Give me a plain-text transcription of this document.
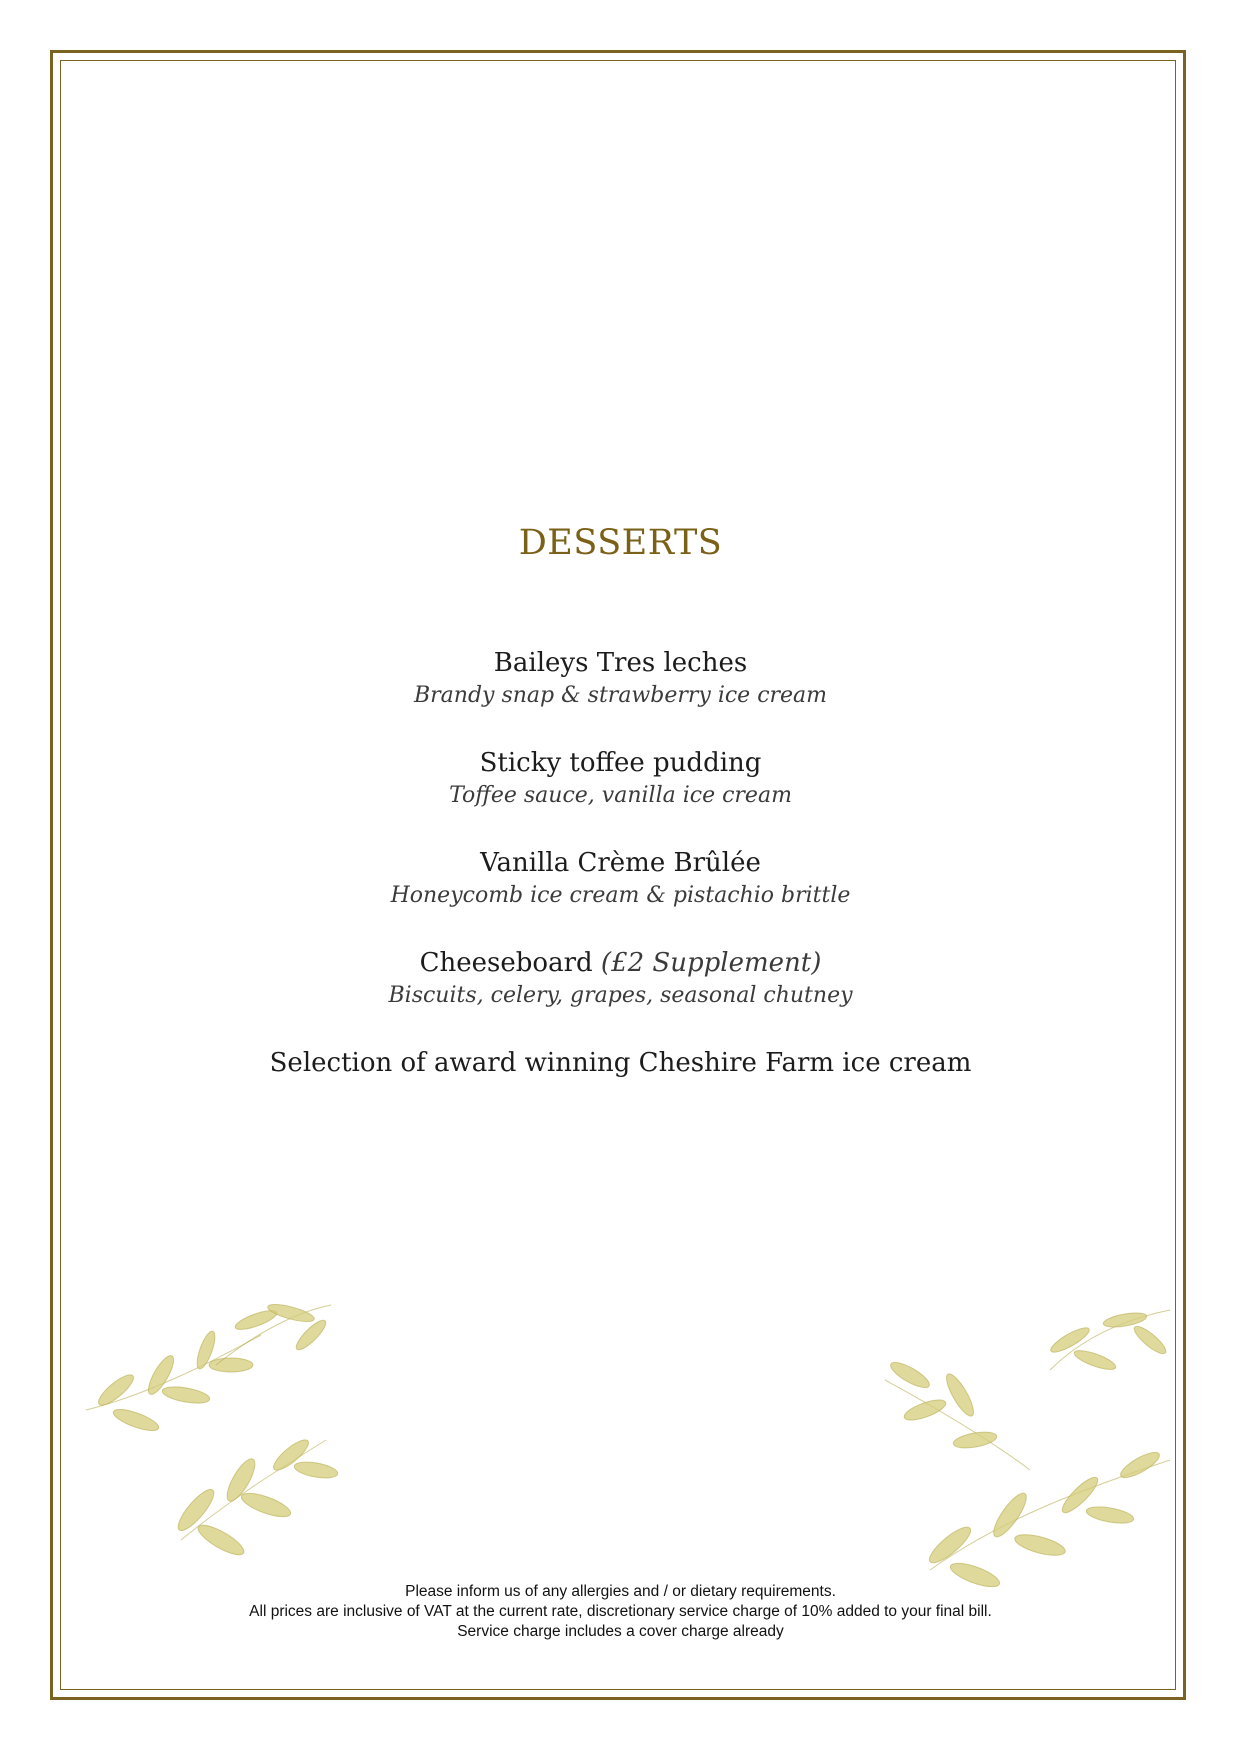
DESSERTS
Baileys Tres leches
Brandy snap & strawberry ice cream
Sticky toffee pudding
Toffee sauce, vanilla ice cream
Vanilla Crème Brûlée
Honeycomb ice cream & pistachio brittle
Cheeseboard (£2 Supplement)
Biscuits, celery, grapes, seasonal chutney
Selection of award winning Cheshire Farm ice cream
Please inform us of any allergies and / or dietary requirements.
All prices are inclusive of VAT at the current rate, discretionary service charge of 10% added to your final bill.
Service charge includes a cover charge already
